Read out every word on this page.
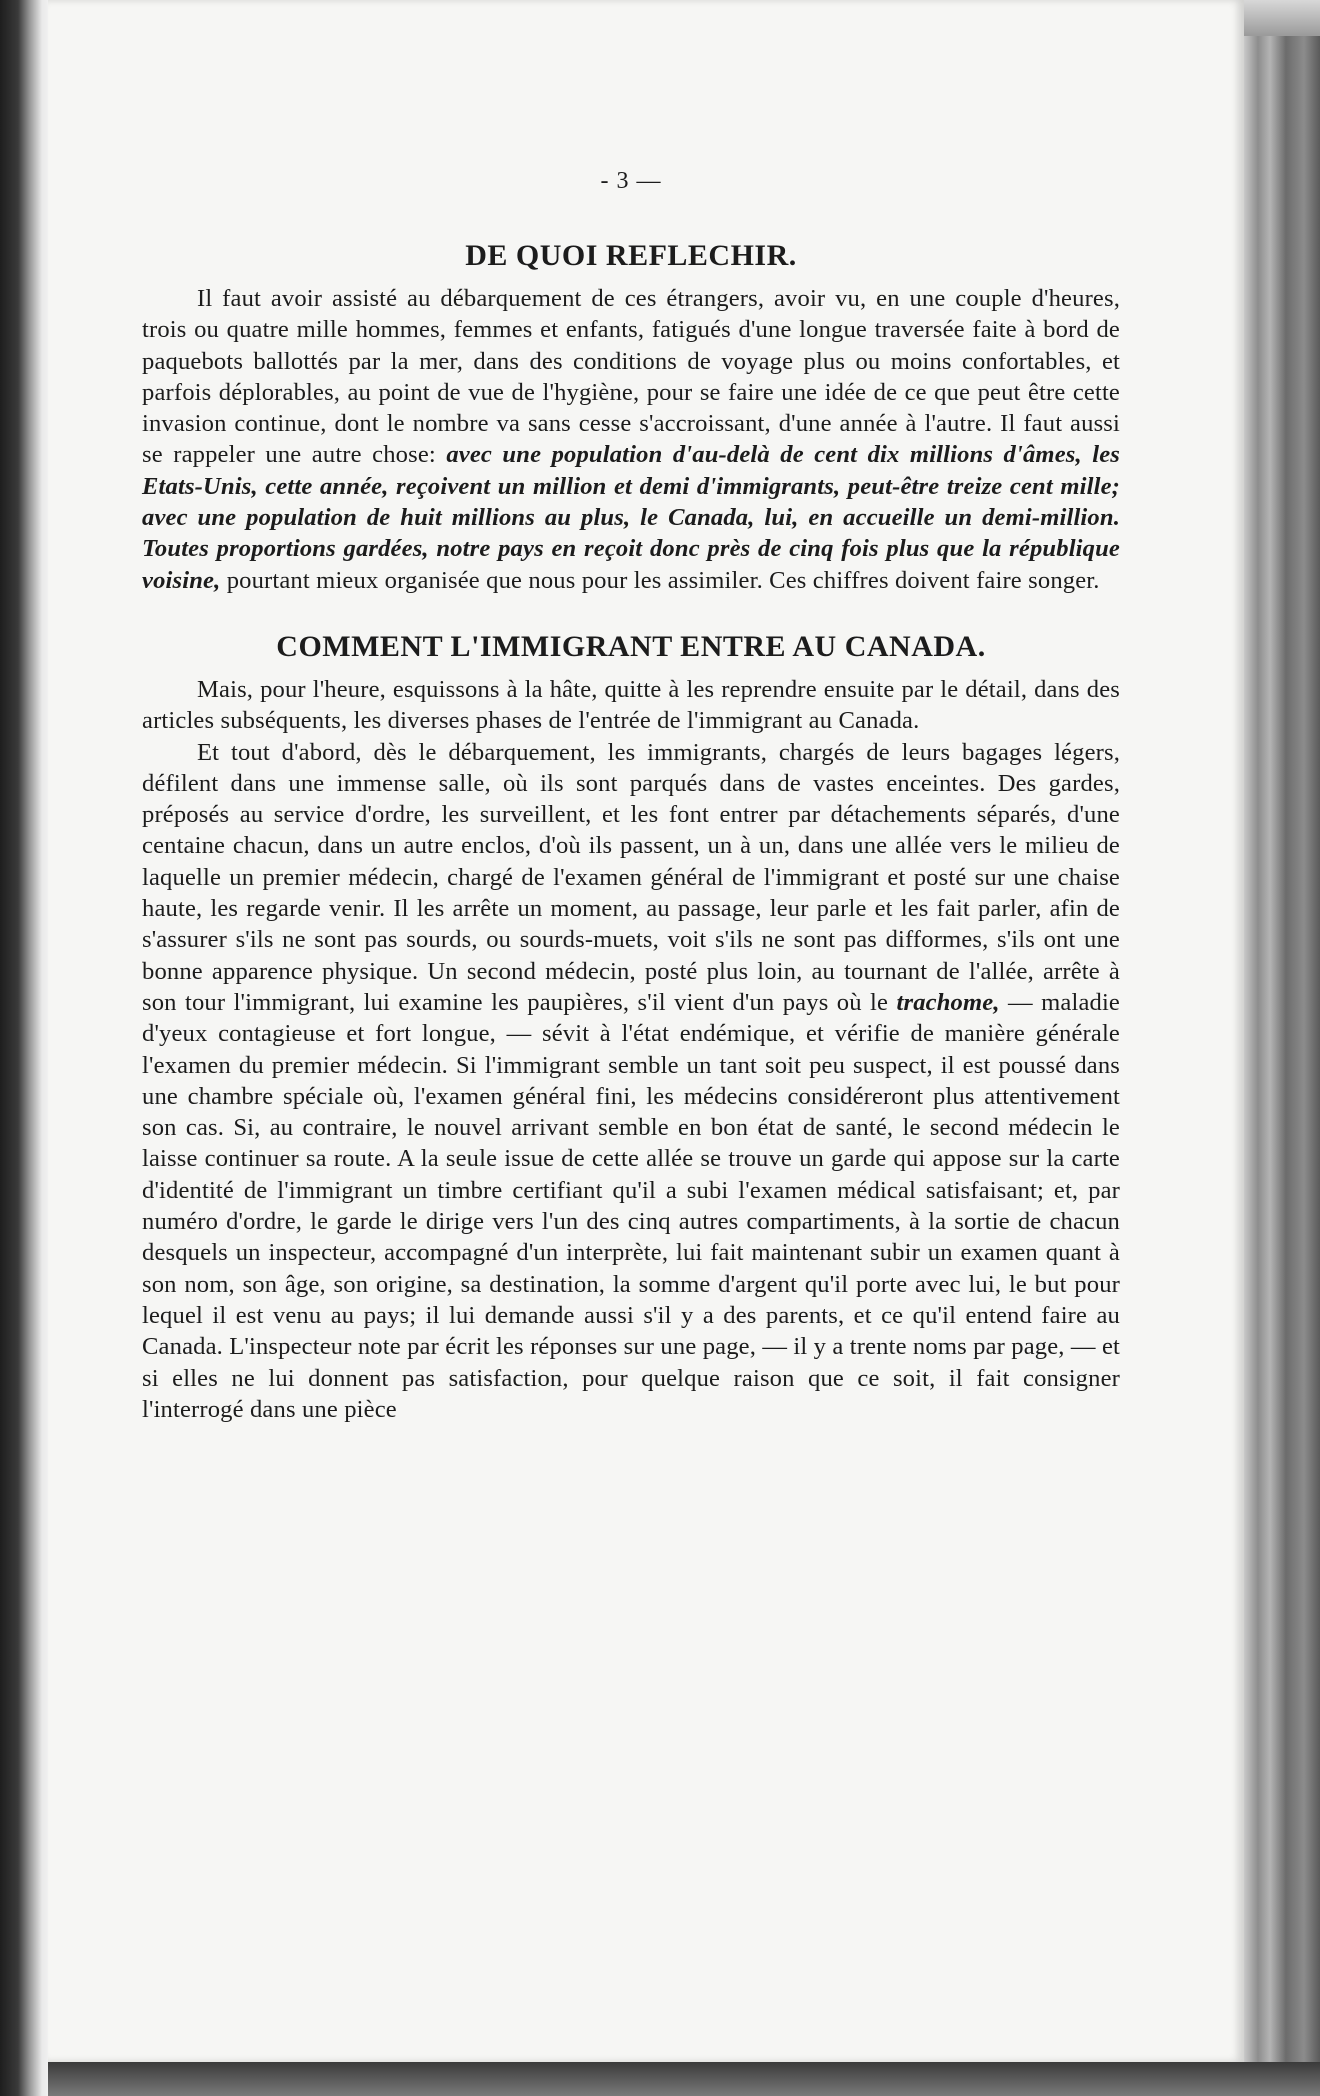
- 3 —
DE QUOI REFLECHIR.

Il faut avoir assisté au débarquement de ces étrangers, avoir vu, en une couple d'heures, trois ou quatre mille hommes, femmes et enfants, fatigués d'une longue traversée faite à bord de paquebots ballottés par la mer, dans des conditions de voyage plus ou moins confortables, et parfois déplorables, au point de vue de l'hygiène, pour se faire une idée de ce que peut être cette invasion continue, dont le nombre va sans cesse s'accroissant, d'une année à l'autre. Il faut aussi se rappeler une autre chose: avec une population d'au-delà de cent dix millions d'âmes, les Etats-Unis, cette année, reçoivent un million et demi d'immigrants, peut-être treize cent mille; avec une population de huit millions au plus, le Canada, lui, en accueille un demi-million. Toutes proportions gardées, notre pays en reçoit donc près de cinq fois plus que la république voisine, pourtant mieux organisée que nous pour les assimiler. Ces chiffres doivent faire songer.

COMMENT L'IMMIGRANT ENTRE AU CANADA.

Mais, pour l'heure, esquissons à la hâte, quitte à les reprendre ensuite par le détail, dans des articles subséquents, les diverses phases de l'entrée de l'immigrant au Canada.

Et tout d'abord, dès le débarquement, les immigrants, chargés de leurs bagages légers, défilent dans une immense salle, où ils sont parqués dans de vastes enceintes. Des gardes, préposés au service d'ordre, les surveillent, et les font entrer par détachements séparés, d'une centaine chacun, dans un autre enclos, d'où ils passent, un à un, dans une allée vers le milieu de laquelle un premier médecin, chargé de l'examen général de l'immigrant et posté sur une chaise haute, les regarde venir. Il les arrête un moment, au passage, leur parle et les fait parler, afin de s'assurer s'ils ne sont pas sourds, ou sourds-muets, voit s'ils ne sont pas difformes, s'ils ont une bonne apparence physique. Un second médecin, posté plus loin, au tournant de l'allée, arrête à son tour l'immigrant, lui examine les paupières, s'il vient d'un pays où le trachome, — maladie d'yeux contagieuse et fort longue, — sévit à l'état endémique, et vérifie de manière générale l'examen du premier médecin. Si l'immigrant semble un tant soit peu suspect, il est poussé dans une chambre spéciale où, l'examen général fini, les médecins considéreront plus attentivement son cas. Si, au contraire, le nouvel arrivant semble en bon état de santé, le second médecin le laisse continuer sa route. A la seule issue de cette allée se trouve un garde qui appose sur la carte d'identité de l'immigrant un timbre certifiant qu'il a subi l'examen médical satisfaisant; et, par numéro d'ordre, le garde le dirige vers l'un des cinq autres compartiments, à la sortie de chacun desquels un inspecteur, accompagné d'un interprète, lui fait maintenant subir un examen quant à son nom, son âge, son origine, sa destination, la somme d'argent qu'il porte avec lui, le but pour lequel il est venu au pays; il lui demande aussi s'il y a des parents, et ce qu'il entend faire au Canada. L'inspecteur note par écrit les réponses sur une page, — il y a trente noms par page, — et si elles ne lui donnent pas satisfaction, pour quelque raison que ce soit, il fait consigner l'interrogé dans une pièce
